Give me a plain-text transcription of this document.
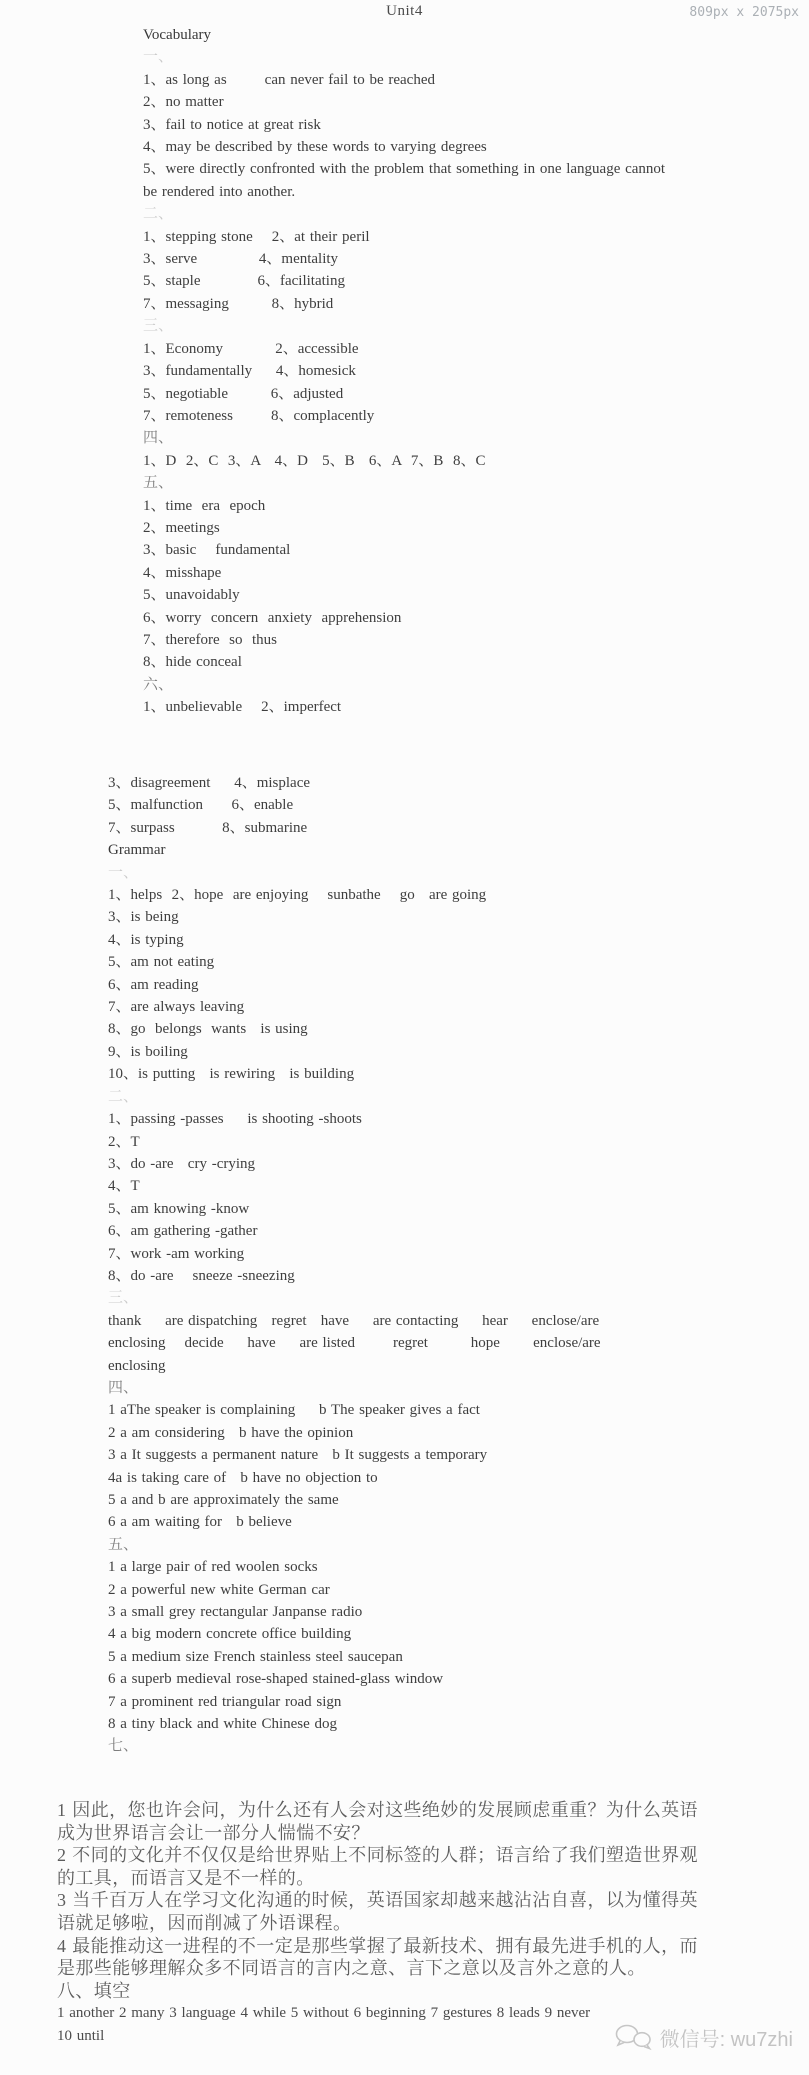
Unit4	809px x 2075px
Vocabulary
一、
1、as long as        can never fail to be reached
2、no matter
3、fail to notice at great risk
4、may be described by these words to varying degrees
5、were directly confronted with the problem that something in one language cannot
be rendered into another.
二、
1、stepping stone    2、at their peril
3、serve             4、mentality
5、staple            6、facilitating
7、messaging         8、hybrid
三、
1、Economy           2、accessible
3、fundamentally     4、homesick
5、negotiable         6、adjusted
7、remoteness        8、complacently
四、
1、D  2、C  3、A   4、D   5、B   6、A  7、B  8、C
五、
1、time  era  epoch
2、meetings
3、basic    fundamental
4、misshape
5、unavoidably
6、worry  concern  anxiety  apprehension
7、therefore  so  thus
8、hide conceal
六、
1、unbelievable    2、imperfect
3、disagreement     4、misplace
5、malfunction      6、enable
7、surpass          8、submarine
Grammar
一、
1、helps  2、hope  are enjoying    sunbathe    go   are going
3、is being
4、is typing
5、am not eating
6、am reading
7、are always leaving
8、go  belongs  wants   is using
9、is boiling
10、is putting   is rewiring   is building
二、
1、passing -passes     is shooting -shoots
2、T
3、do -are   cry -crying
4、T
5、am knowing -know
6、am gathering -gather
7、work -am working
8、do -are    sneeze -sneezing
三、
thank     are dispatching   regret   have     are contacting     hear     enclose/are
enclosing    decide     have     are listed        regret         hope       enclose/are
enclosing
四、
1 aThe speaker is complaining     b The speaker gives a fact
2 a am considering   b have the opinion
3 a It suggests a permanent nature   b It suggests a temporary
4a is taking care of   b have no objection to
5 a and b are approximately the same
6 a am waiting for   b believe
五、
1 a large pair of red woolen socks
2 a powerful new white German car
3 a small grey rectangular Janpanse radio
4 a big modern concrete office building
5 a medium size French stainless steel saucepan
6 a superb medieval rose-shaped stained-glass window
7 a prominent red triangular road sign
8 a tiny black and white Chinese dog
七、
1 因此，您也许会问，为什么还有人会对这些绝妙的发展顾虑重重？为什么英语
成为世界语言会让一部分人惴惴不安？
2 不同的文化并不仅仅是给世界贴上不同标签的人群；语言给了我们塑造世界观
的工具，而语言又是不一样的。
3 当千百万人在学习文化沟通的时候，英语国家却越来越沾沾自喜，以为懂得英
语就足够啦，因而削减了外语课程。
4 最能推动这一进程的不一定是那些掌握了最新技术、拥有最先进手机的人，而
是那些能够理解众多不同语言的言内之意、言下之意以及言外之意的人。
八、填空
1 another 2 many 3 language 4 while 5 without 6 beginning 7 gestures 8 leads 9 never
10 until	微信号: wu7zhi
